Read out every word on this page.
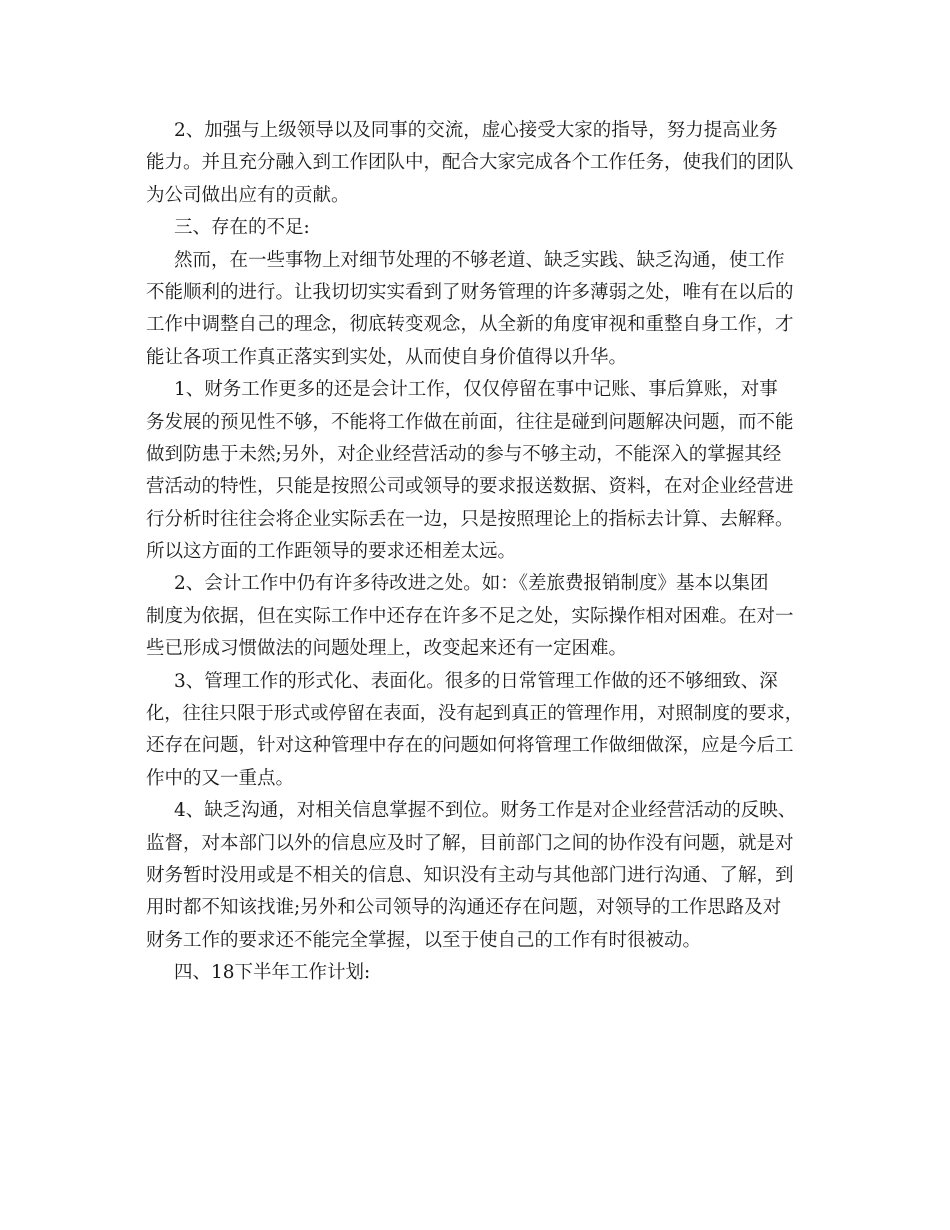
2、加强与上级领导以及同事的交流，虚心接受大家的指导，努力提高业务
能力。并且充分融入到工作团队中，配合大家完成各个工作任务，使我们的团队
为公司做出应有的贡献。
三、存在的不足:
然而，在一些事物上对细节处理的不够老道、缺乏实践、缺乏沟通，使工作
不能顺利的进行。让我切切实实看到了财务管理的许多薄弱之处，唯有在以后的
工作中调整自己的理念，彻底转变观念，从全新的角度审视和重整自身工作，才
能让各项工作真正落实到实处，从而使自身价值得以升华。
1、财务工作更多的还是会计工作，仅仅停留在事中记账、事后算账，对事
务发展的预见性不够，不能将工作做在前面，往往是碰到问题解决问题，而不能
做到防患于未然;另外，对企业经营活动的参与不够主动，不能深入的掌握其经
营活动的特性，只能是按照公司或领导的要求报送数据、资料，在对企业经营进
行分析时往往会将企业实际丢在一边，只是按照理论上的指标去计算、去解释。
所以这方面的工作距领导的要求还相差太远。
2、会计工作中仍有许多待改进之处。如：《差旅费报销制度》基本以集团
制度为依据，但在实际工作中还存在许多不足之处，实际操作相对困难。在对一
些已形成习惯做法的问题处理上，改变起来还有一定困难。
3、管理工作的形式化、表面化。很多的日常管理工作做的还不够细致、深
化，往往只限于形式或停留在表面，没有起到真正的管理作用，对照制度的要求，
还存在问题，针对这种管理中存在的问题如何将管理工作做细做深，应是今后工
作中的又一重点。
4、缺乏沟通，对相关信息掌握不到位。财务工作是对企业经营活动的反映、
监督，对本部门以外的信息应及时了解，目前部门之间的协作没有问题，就是对
财务暂时没用或是不相关的信息、知识没有主动与其他部门进行沟通、了解，到
用时都不知该找谁;另外和公司领导的沟通还存在问题，对领导的工作思路及对
财务工作的要求还不能完全掌握，以至于使自己的工作有时很被动。
四、18下半年工作计划:
